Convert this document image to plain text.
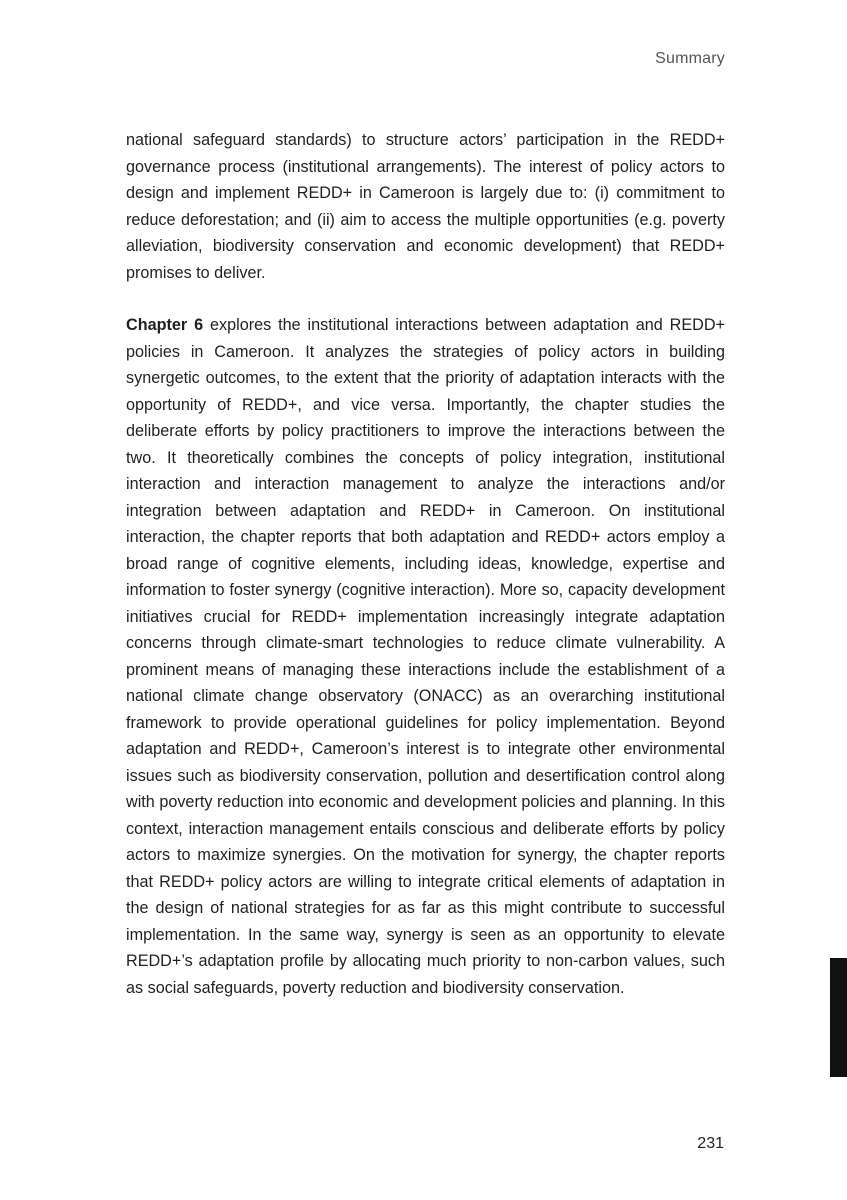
Summary

national safeguard standards) to structure actors’ participation in the REDD+ governance process (institutional arrangements). The interest of policy actors to design and implement REDD+ in Cameroon is largely due to: (i) commitment to reduce deforestation; and (ii) aim to access the multiple opportunities (e.g. poverty alleviation, biodiversity conservation and economic development) that REDD+ promises to deliver.

Chapter 6 explores the institutional interactions between adaptation and REDD+ policies in Cameroon. It analyzes the strategies of policy actors in building synergetic outcomes, to the extent that the priority of adaptation interacts with the opportunity of REDD+, and vice versa. Importantly, the chapter studies the deliberate efforts by policy practitioners to improve the interactions between the two. It theoretically combines the concepts of policy integration, institutional interaction and interaction management to analyze the interactions and/or integration between adaptation and REDD+ in Cameroon. On institutional interaction, the chapter reports that both adaptation and REDD+ actors employ a broad range of cognitive elements, including ideas, knowledge, expertise and information to foster synergy (cognitive interaction). More so, capacity development initiatives crucial for REDD+ implementation increasingly integrate adaptation concerns through climate-smart technologies to reduce climate vulnerability. A prominent means of managing these interactions include the establishment of a national climate change observatory (ONACC) as an overarching institutional framework to provide operational guidelines for policy implementation. Beyond adaptation and REDD+, Cameroon’s interest is to integrate other environmental issues such as biodiversity conservation, pollution and desertification control along with poverty reduction into economic and development policies and planning. In this context, interaction management entails conscious and deliberate efforts by policy actors to maximize synergies. On the motivation for synergy, the chapter reports that REDD+ policy actors are willing to integrate critical elements of adaptation in the design of national strategies for as far as this might contribute to successful implementation. In the same way, synergy is seen as an opportunity to elevate REDD+’s adaptation profile by allocating much priority to non-carbon values, such as social safeguards, poverty reduction and biodiversity conservation.

231
